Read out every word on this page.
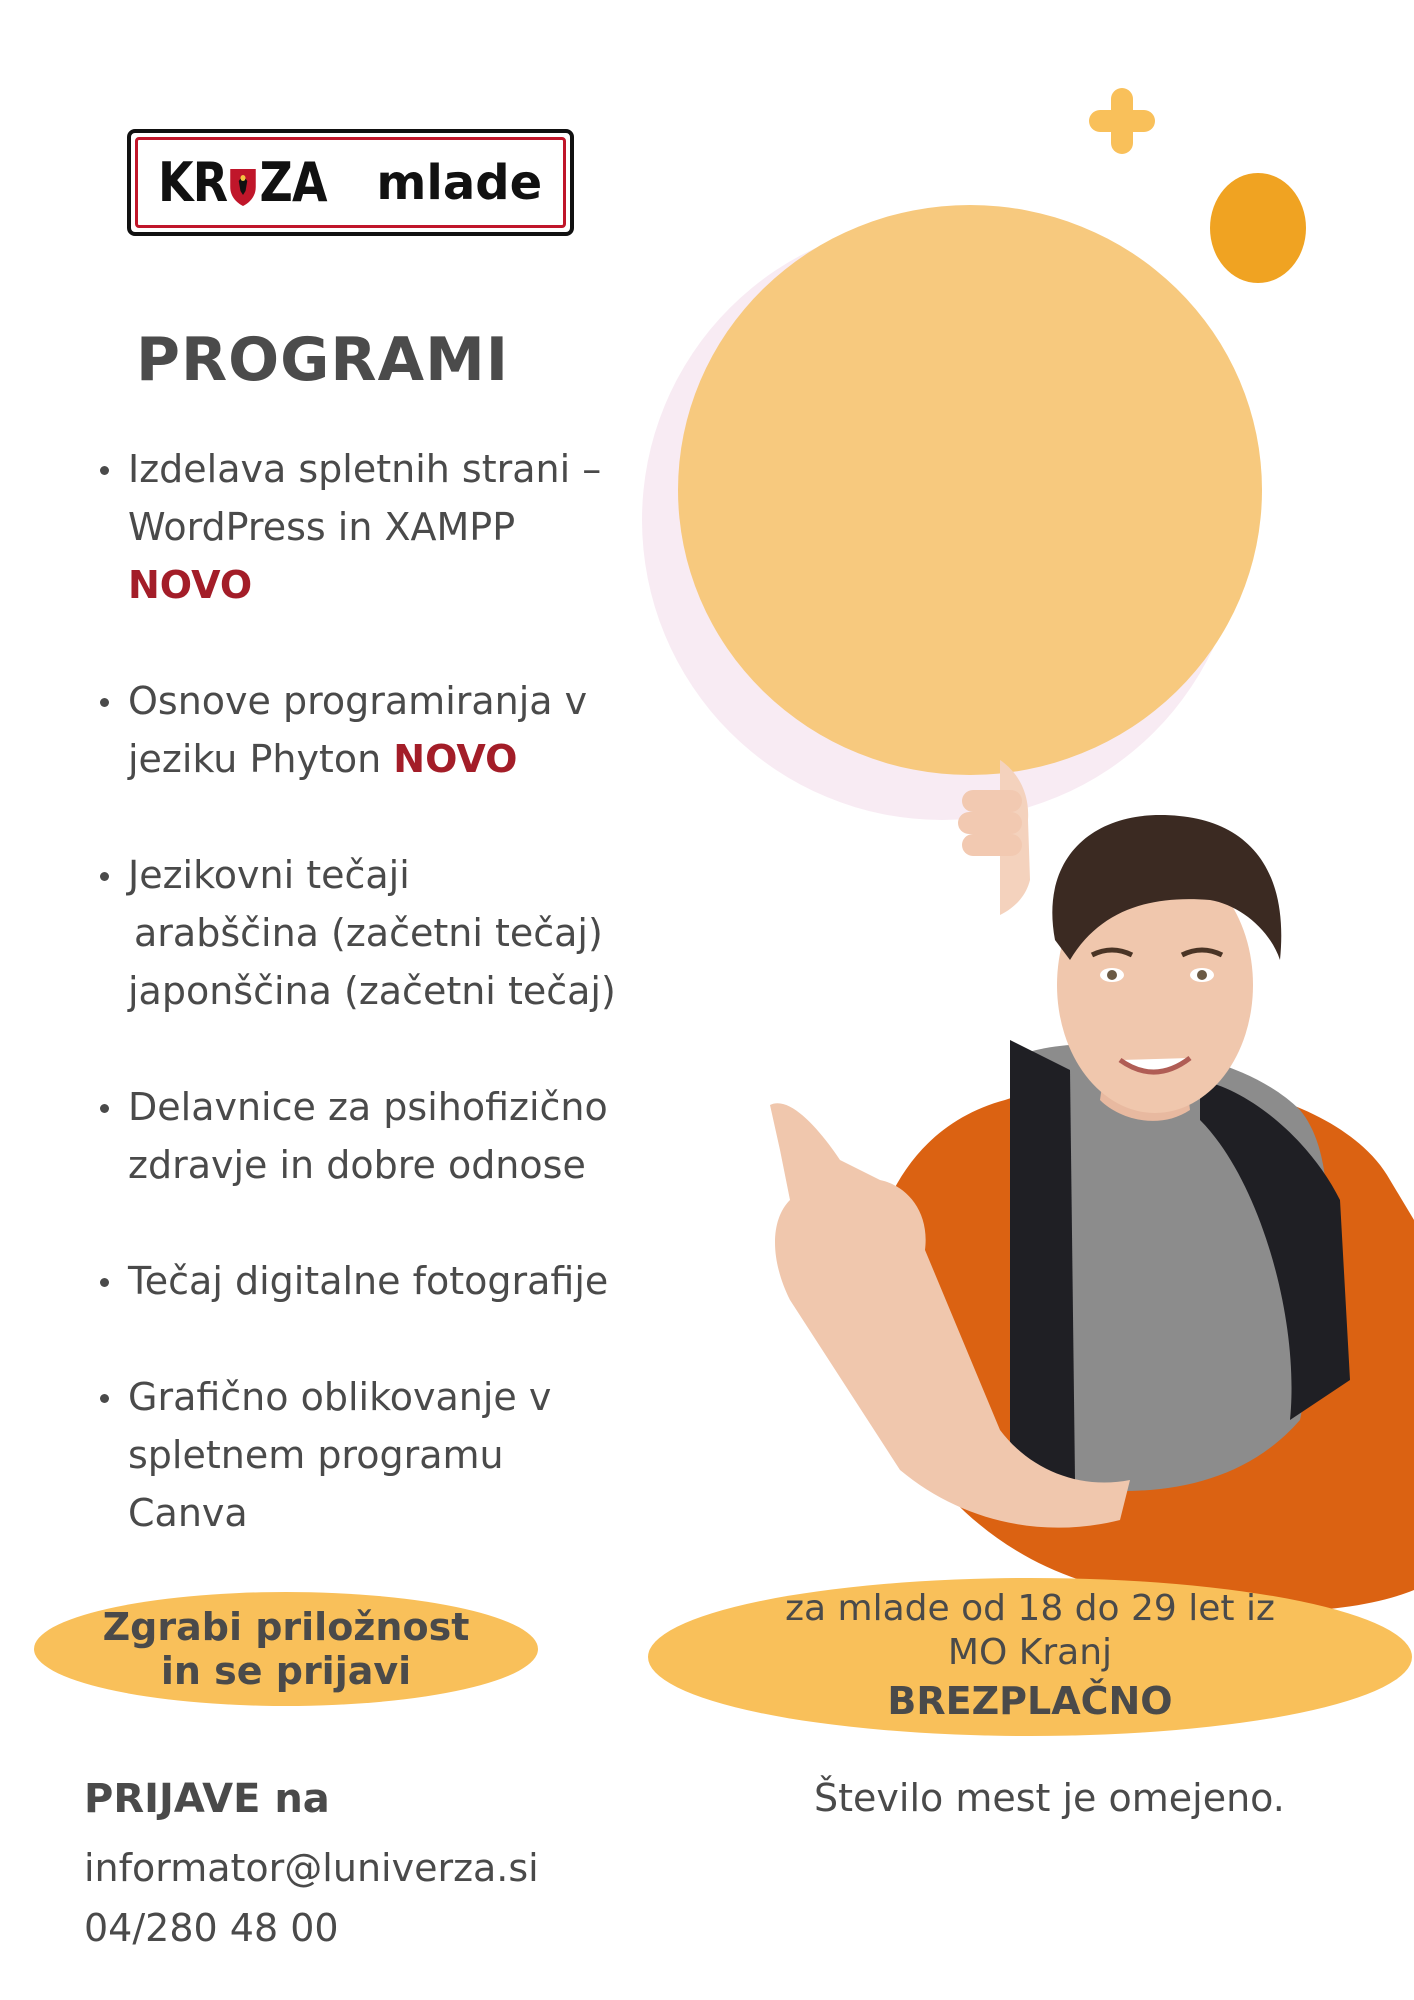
KR ZA mlade
PROGRAMI
Izdelava spletnih strani –
WordPress in XAMPP
NOVO
Osnove programiranja v
jeziku Phyton NOVO
Jezikovni tečaji
arabščina (začetni tečaj)
japonščina (začetni tečaj)
Delavnice za psihofizično
zdravje in dobre odnose
Tečaj digitalne fotografije
Grafično oblikovanje v
spletnem programu
Canva
Zgrabi priložnost
in se prijavi
za mlade od 18 do 29 let iz
MO Kranj
BREZPLAČNO
PRIJAVE na
informator@luniverza.si
04/280 48 00
Število mest je omejeno.
